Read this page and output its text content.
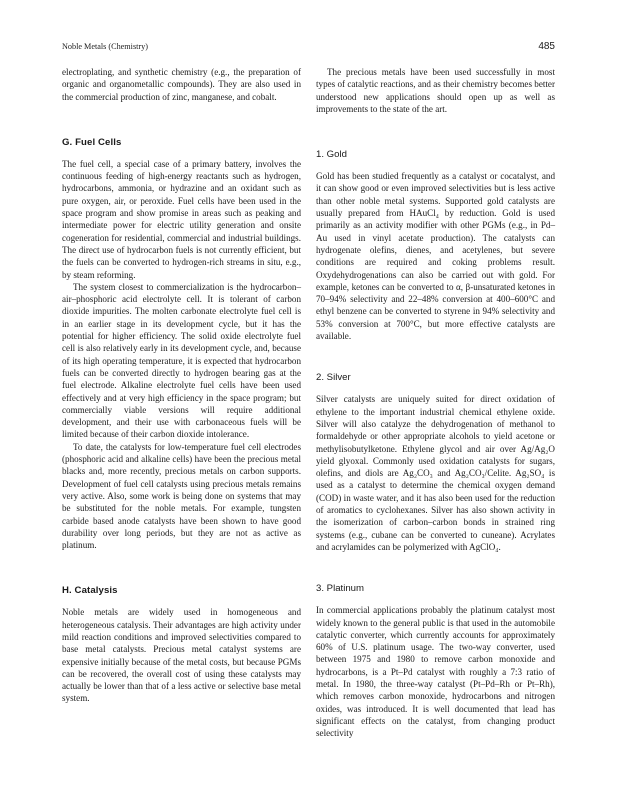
Noble Metals (Chemistry)	485

electroplating, and synthetic chemistry (e.g., the preparation of organic and organometallic compounds). They are also used in the commercial production of zinc, manganese, and cobalt.

G. Fuel Cells

The fuel cell, a special case of a primary battery, involves the continuous feeding of high-energy reactants such as hydrogen, hydrocarbons, ammonia, or hydrazine and an oxidant such as pure oxygen, air, or peroxide. Fuel cells have been used in the space program and show promise in areas such as peaking and intermediate power for electric utility generation and onsite cogeneration for residential, commercial and industrial buildings. The direct use of hydrocarbon fuels is not currently efficient, but the fuels can be converted to hydrogen-rich streams in situ, e.g., by steam reforming.

The system closest to commercialization is the hydrocarbon–air–phosphoric acid electrolyte cell. It is tolerant of carbon dioxide impurities. The molten carbonate electrolyte fuel cell is in an earlier stage in its development cycle, but it has the potential for higher efficiency. The solid oxide electrolyte fuel cell is also relatively early in its development cycle, and, because of its high operating temperature, it is expected that hydrocarbon fuels can be converted directly to hydrogen bearing gas at the fuel electrode. Alkaline electrolyte fuel cells have been used effectively and at very high efficiency in the space program; but commercially viable versions will require additional development, and their use with carbonaceous fuels will be limited because of their carbon dioxide intolerance.

To date, the catalysts for low-temperature fuel cell electrodes (phosphoric acid and alkaline cells) have been the precious metal blacks and, more recently, precious metals on carbon supports. Development of fuel cell catalysts using precious metals remains very active. Also, some work is being done on systems that may be substituted for the noble metals. For example, tungsten carbide based anode catalysts have been shown to have good durability over long periods, but they are not as active as platinum.

H. Catalysis

Noble metals are widely used in homogeneous and heterogeneous catalysis. Their advantages are high activity under mild reaction conditions and improved selectivities compared to base metal catalysts. Precious metal catalyst systems are expensive initially because of the metal costs, but because PGMs can be recovered, the overall cost of using these catalysts may actually be lower than that of a less active or selective base metal system.

The precious metals have been used successfully in most types of catalytic reactions, and as their chemistry becomes better understood new applications should open up as well as improvements to the state of the art.

1. Gold

Gold has been studied frequently as a catalyst or cocatalyst, and it can show good or even improved selectivities but is less active than other noble metal systems. Supported gold catalysts are usually prepared from HAuCl₄ by reduction. Gold is used primarily as an activity modifier with other PGMs (e.g., in Pd–Au used in vinyl acetate production). The catalysts can hydrogenate olefins, dienes, and acetylenes, but severe conditions are required and coking problems result. Oxydehydrogenations can also be carried out with gold. For example, ketones can be converted to α, β-unsaturated ketones in 70–94% selectivity and 22–48% conversion at 400–600°C and ethyl benzene can be converted to styrene in 94% selectivity and 53% conversion at 700°C, but more effective catalysts are available.

2. Silver

Silver catalysts are uniquely suited for direct oxidation of ethylene to the important industrial chemical ethylene oxide. Silver will also catalyze the dehydrogenation of methanol to formaldehyde or other appropriate alcohols to yield acetone or methylisobutylketone. Ethylene glycol and air over Ag/Ag₂O yield glyoxal. Commonly used oxidation catalysts for sugars, olefins, and diols are Ag₂CO₃ and Ag₂CO₃/Celite. Ag₂SO₄ is used as a catalyst to determine the chemical oxygen demand (COD) in waste water, and it has also been used for the reduction of aromatics to cyclohexanes. Silver has also shown activity in the isomerization of carbon–carbon bonds in strained ring systems (e.g., cubane can be converted to cuneane). Acrylates and acrylamides can be polymerized with AgClO₄.

3. Platinum

In commercial applications probably the platinum catalyst most widely known to the general public is that used in the automobile catalytic converter, which currently accounts for approximately 60% of U.S. platinum usage. The two-way converter, used between 1975 and 1980 to remove carbon monoxide and hydrocarbons, is a Pt–Pd catalyst with roughly a 7:3 ratio of metal. In 1980, the three-way catalyst (Pt–Pd–Rh or Pt–Rh), which removes carbon monoxide, hydrocarbons and nitrogen oxides, was introduced. It is well documented that lead has significant effects on the catalyst, from changing product selectivity
